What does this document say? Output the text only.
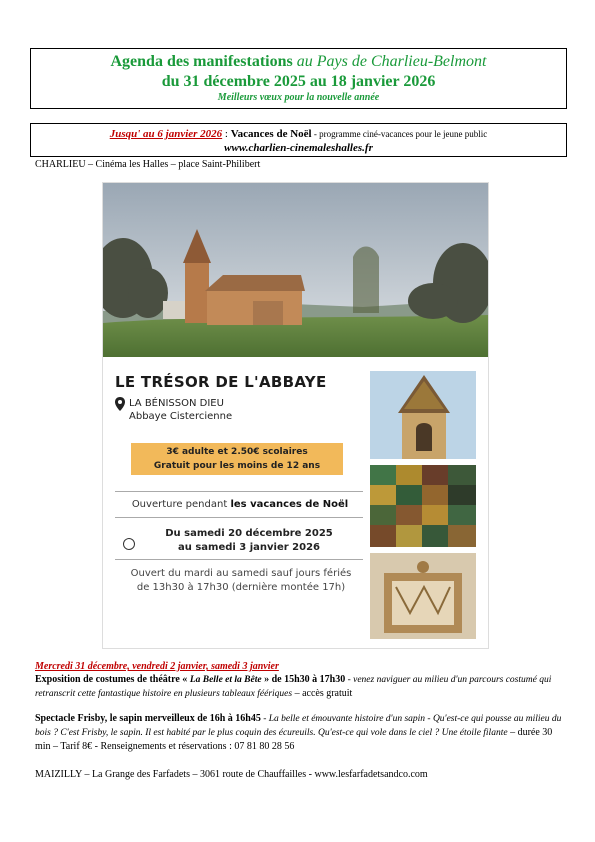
Agenda des manifestations au Pays de Charlieu-Belmont
du 31 décembre 2025 au 18 janvier 2026
Meilleurs vœux pour la nouvelle année
Jusqu' au 6 janvier 2026 : Vacances de Noël - programme ciné-vacances pour le jeune public
www.charlien-cinemaleshalles.fr
CHARLIEU – Cinéma les Halles – place Saint-Philibert
LE TRÉSOR DE L'ABBAYE
LA BÉNISSON DIEU
Abbaye Cistercienne
3€ adulte et 2.50€ scolaires
Gratuit pour les moins de 12 ans
Ouverture pendant les vacances de Noël
Du samedi 20 décembre 2025
au samedi 3 janvier 2026
Ouvert du mardi au samedi sauf jours fériés
de 13h30 à 17h30 (dernière montée 17h)
Mercredi 31 décembre, vendredi 2 janvier, samedi 3 janvier
Exposition de costumes de théâtre « La Belle et la Bête » de 15h30 à 17h30 - venez naviguer au milieu d'un parcours costumé qui retranscrit cette fantastique histoire en plusieurs tableaux féériques – accès gratuit
Spectacle Frisby, le sapin merveilleux de 16h à 16h45 - La belle et émouvante histoire d'un sapin - Qu'est-ce qui pousse au milieu du bois ? C'est Frisby, le sapin. Il est habité par le plus coquin des écureuils. Qu'est-ce qui vole dans le ciel ? Une étoile filante – durée 30 min – Tarif 8€ - Renseignements et réservations : 07 81 80 28 56
MAIZILLY – La Grange des Farfadets – 3061 route de Chauffailles - www.lesfarfadetsandco.com
